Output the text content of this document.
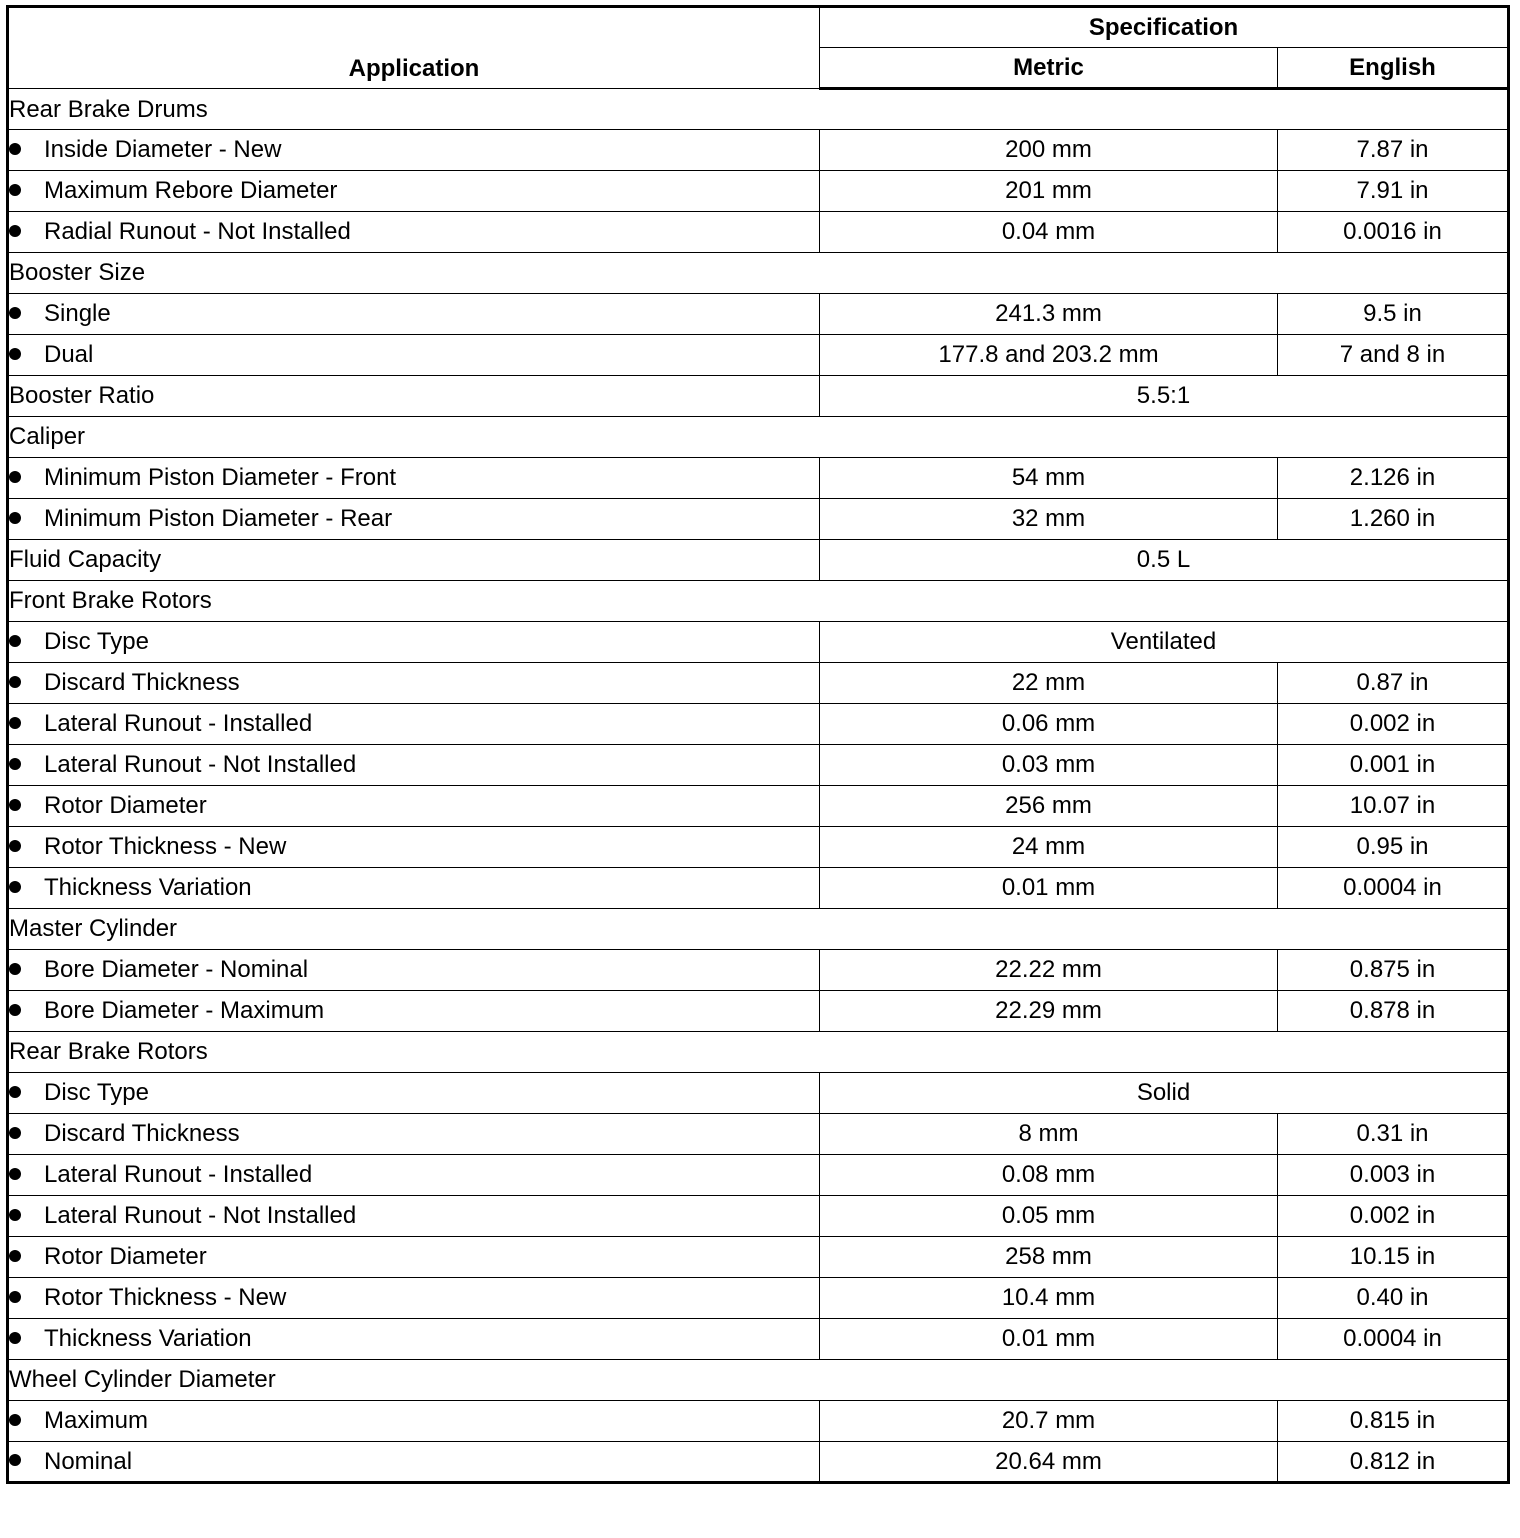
Application	Specification	
	Metric	English
Rear Brake Drums		
Inside Diameter - New	200 mm	7.87 in
Maximum Rebore Diameter	201 mm	7.91 in
Radial Runout - Not Installed	0.04 mm	0.0016 in
Booster Size		
Single	241.3 mm	9.5 in
Dual	177.8 and 203.2 mm	7 and 8 in
Booster Ratio	5.5:1	
Caliper		
Minimum Piston Diameter - Front	54 mm	2.126 in
Minimum Piston Diameter - Rear	32 mm	1.260 in
Fluid Capacity	0.5 L	
Front Brake Rotors		
Disc Type	Ventilated	
Discard Thickness	22 mm	0.87 in
Lateral Runout - Installed	0.06 mm	0.002 in
Lateral Runout - Not Installed	0.03 mm	0.001 in
Rotor Diameter	256 mm	10.07 in
Rotor Thickness - New	24 mm	0.95 in
Thickness Variation	0.01 mm	0.0004 in
Master Cylinder		
Bore Diameter - Nominal	22.22 mm	0.875 in
Bore Diameter - Maximum	22.29 mm	0.878 in
Rear Brake Rotors		
Disc Type	Solid	
Discard Thickness	8 mm	0.31 in
Lateral Runout - Installed	0.08 mm	0.003 in
Lateral Runout - Not Installed	0.05 mm	0.002 in
Rotor Diameter	258 mm	10.15 in
Rotor Thickness - New	10.4 mm	0.40 in
Thickness Variation	0.01 mm	0.0004 in
Wheel Cylinder Diameter		
Maximum	20.7 mm	0.815 in
Nominal	20.64 mm	0.812 in
